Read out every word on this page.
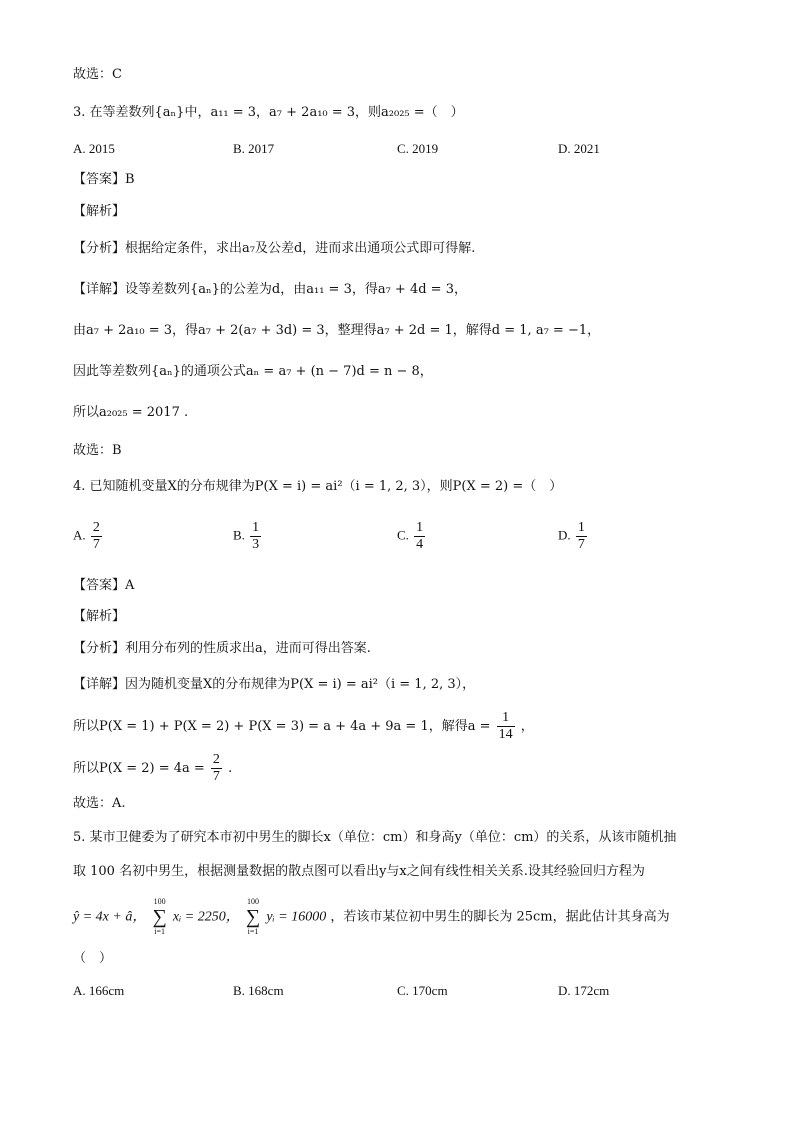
故选：C
3. 在等差数列{aₙ}中，a₁₁ = 3，a₇ + 2a₁₀ = 3，则a₂₀₂₅ =（　）
A. 2015	B. 2017	C. 2019	D. 2021
【答案】B
【解析】
【分析】根据给定条件，求出a₇及公差d，进而求出通项公式即可得解.
【详解】设等差数列{aₙ}的公差为d，由a₁₁ = 3，得a₇ + 4d = 3，
由a₇ + 2a₁₀ = 3，得a₇ + 2(a₇ + 3d) = 3，整理得a₇ + 2d = 1，解得d = 1, a₇ = −1，
因此等差数列{aₙ}的通项公式aₙ = a₇ + (n − 7)d = n − 8，
所以a₂₀₂₅ = 2017 .
故选：B
4. 已知随机变量X的分布规律为P(X = i) = ai²（i = 1, 2, 3），则P(X = 2) =（　）
A. $\frac{2}{7}$	B. $\frac{1}{3}$	C. $\frac{1}{4}$	D. $\frac{1}{7}$
【答案】A
【解析】
【分析】利用分布列的性质求出a，进而可得出答案.
【详解】因为随机变量X的分布规律为P(X = i) = ai²（i = 1, 2, 3），
所以P(X = 1) + P(X = 2) + P(X = 3) = a + 4a + 9a = 1，解得$a = \frac{1}{14}$ ，
所以$P(X = 2) = 4a = \frac{2}{7}$ .
故选：A.
5. 某市卫健委为了研究本市初中男生的脚长x（单位：cm）和身高y（单位：cm）的关系，从该市随机抽
取 100 名初中男生，根据测量数据的散点图可以看出y与x之间有线性相关关系.设其经验回归方程为
ŷ = 4x + â，
100
∑
i=1
xᵢ = 2250，
100
∑
i=1
yᵢ = 16000 ，若该市某位初中男生的脚长为 25cm，据此估计其身高为
（　）
A. 166cm	B. 168cm	C. 170cm	D. 172cm
